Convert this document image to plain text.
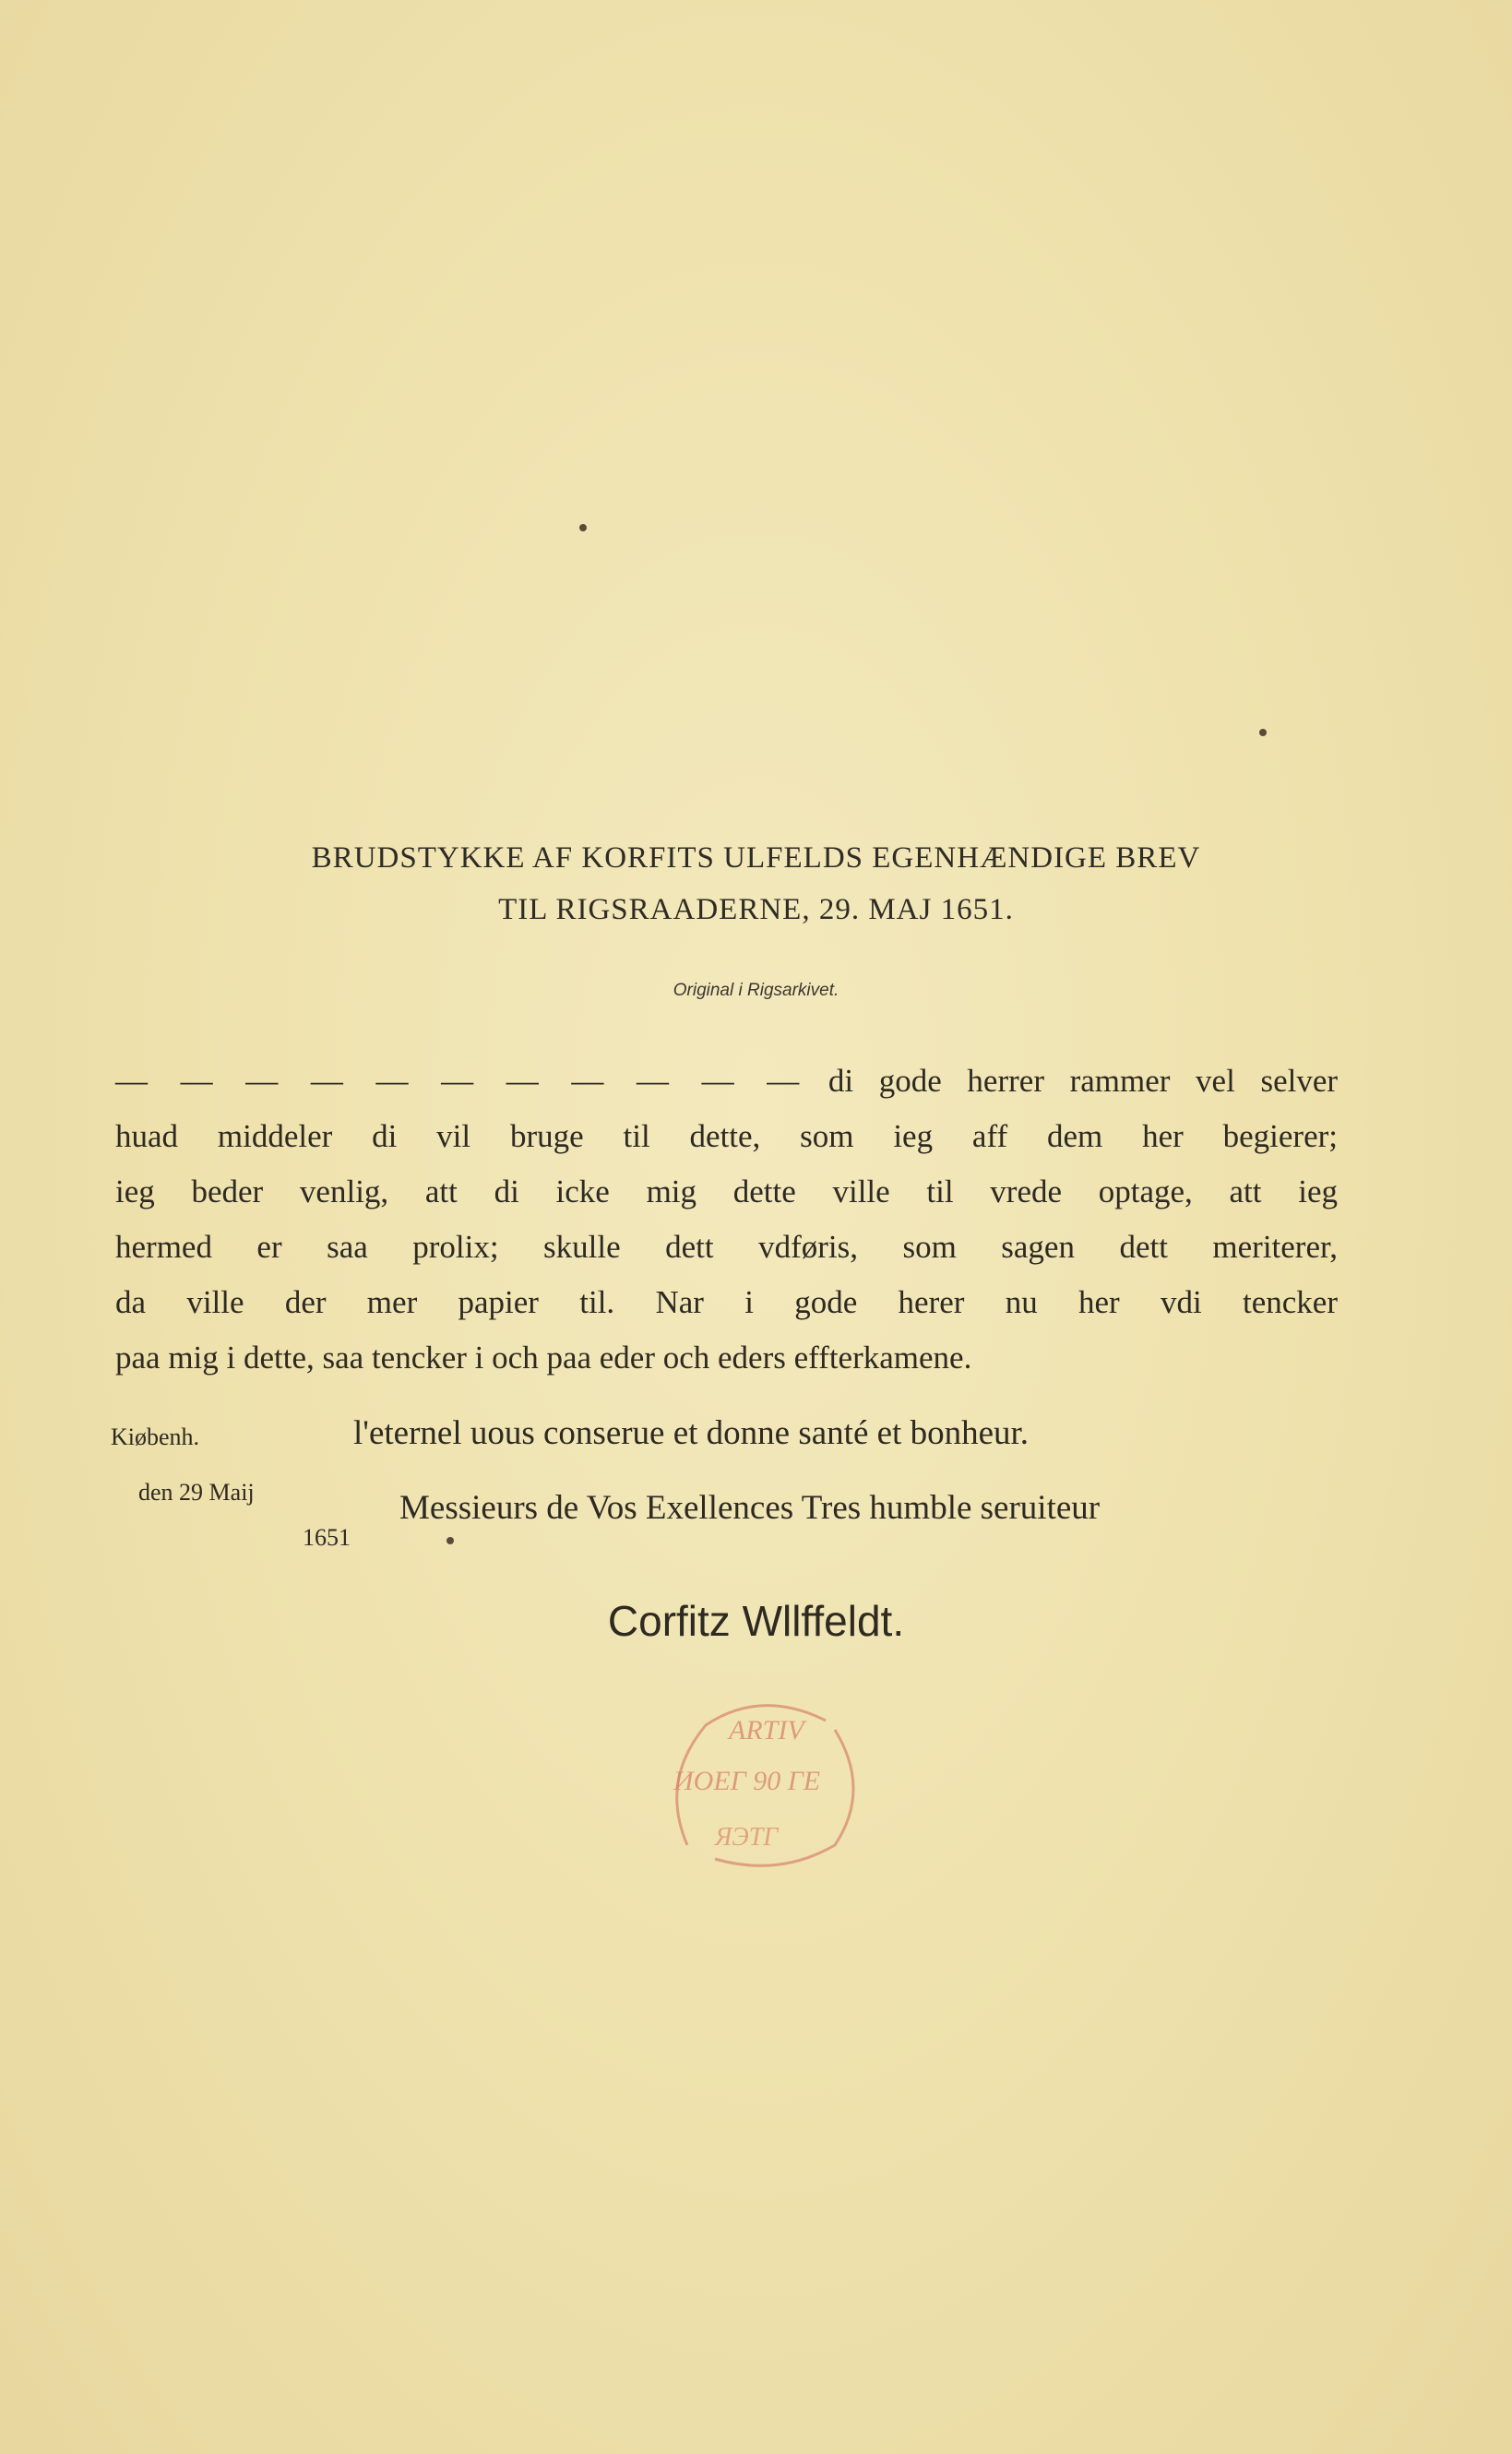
BRUDSTYKKE AF KORFITS ULFELDS EGENHÆNDIGE BREV
TIL RIGSRAADERNE, 29. MAJ 1651.
Original i Rigsarkivet.
— — — — — — — — — — — di gode herrer rammer vel selver
huad middeler di vil bruge til dette, som ieg aff dem her begierer;
ieg beder venlig, att di icke mig dette ville til vrede optage, att ieg
hermed er saa prolix; skulle dett vdføris, som sagen dett meriterer,
da ville der mer papier til. Nar i gode herer nu her vdi tencker
paa mig i dette, saa tencker i och paa eder och eders effterkamene.
Kiøbenh.
den 29 Maij
1651
l'eternel uous conserue et donne santé et bonheur.
Messieurs de Vos Exellences Tres humble seruiteur
Corfitz Wllffeldt.
ARTIV
ИОЕГ 90 ГЕ
ЯЭТГ
